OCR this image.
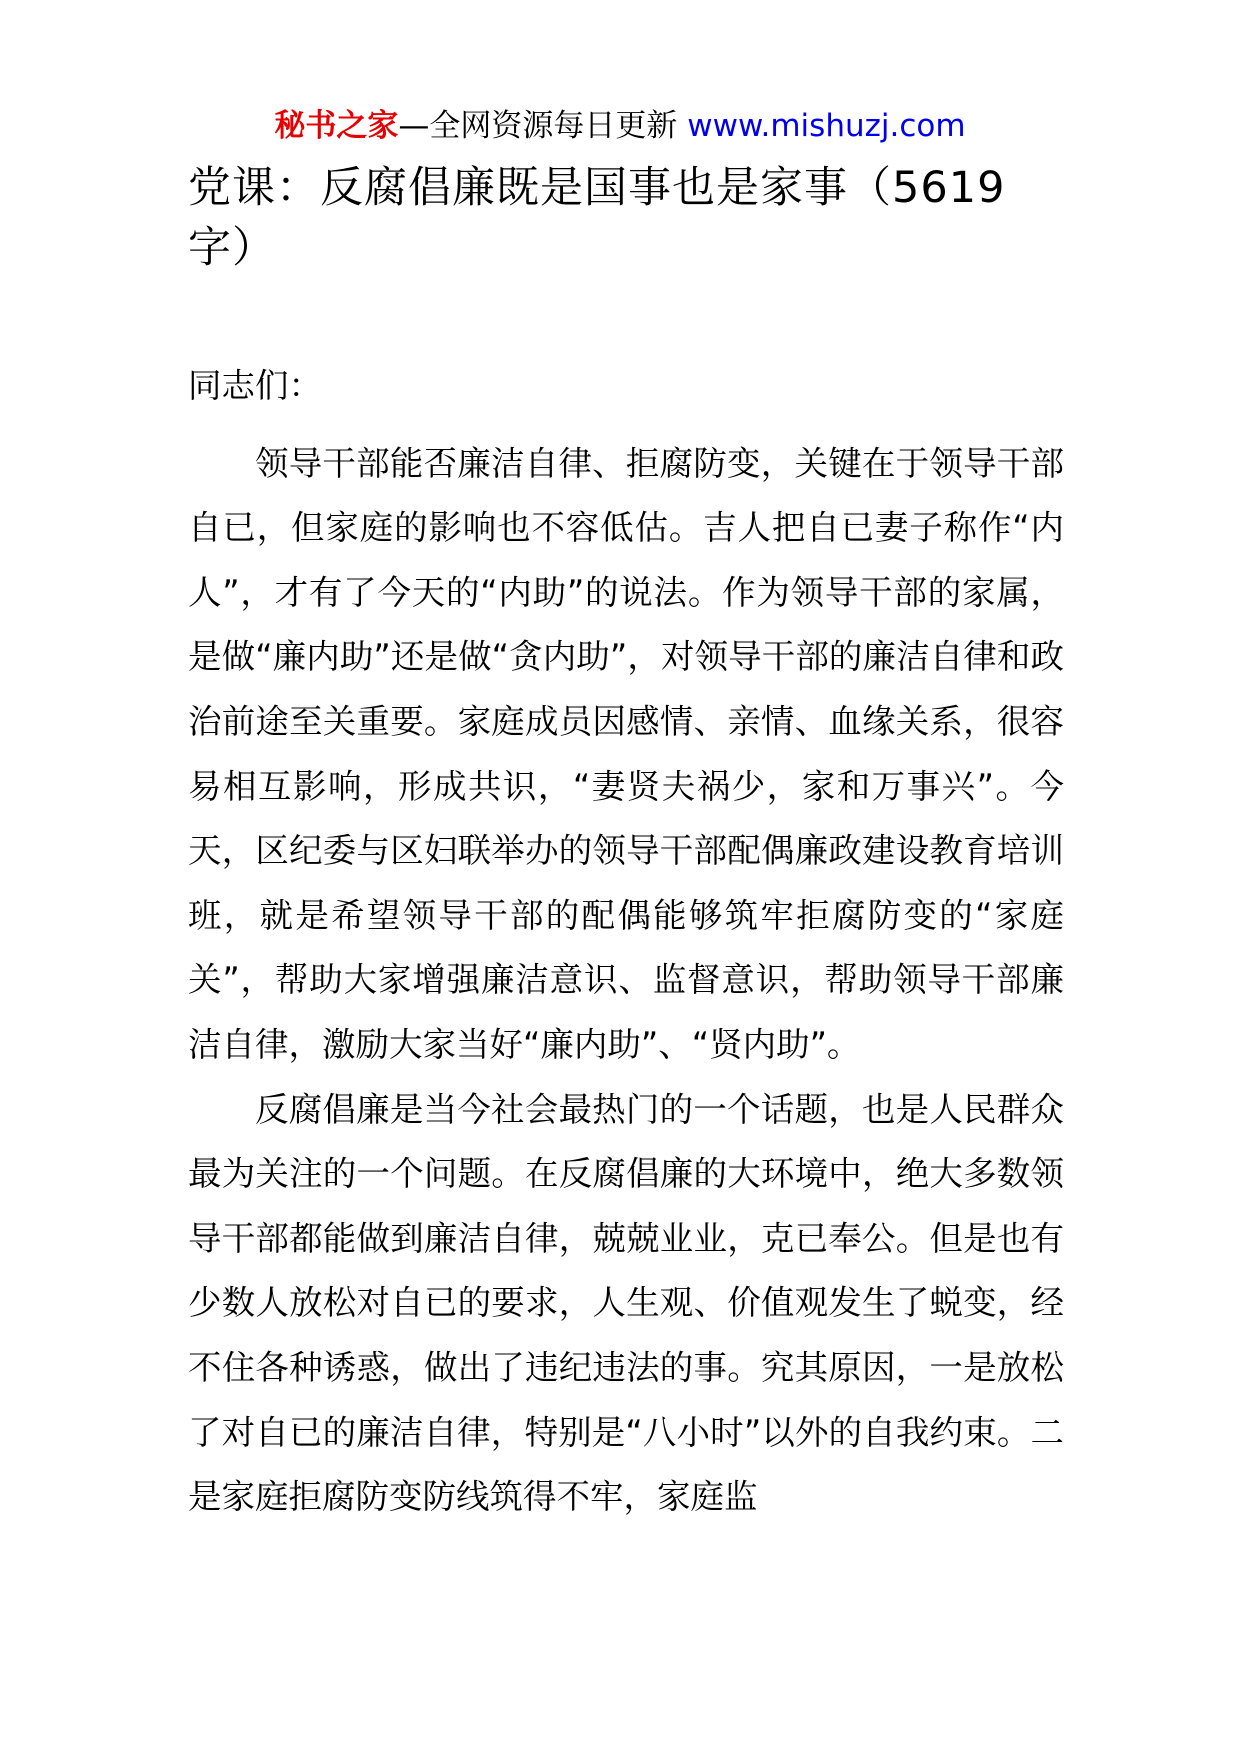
秘书之家—全网资源每日更新 www.mishuzj.com
党课：反腐倡廉既是国事也是家事（5619字）

同志们：

领导干部能否廉洁自律、拒腐防变，关键在于领导干部自已，但家庭的影响也不容低估。吉人把自已妻子称作“内人”，才有了今天的“内助”的说法。作为领导干部的家属，是做“廉内助”还是做“贪内助”，对领导干部的廉洁自律和政治前途至关重要。家庭成员因感情、亲情、血缘关系，很容易相互影响，形成共识，“妻贤夫祸少，家和万事兴”。今天，区纪委与区妇联举办的领导干部配偶廉政建设教育培训班，就是希望领导干部的配偶能够筑牢拒腐防变的“家庭关”，帮助大家增强廉洁意识、监督意识，帮助领导干部廉洁自律，激励大家当好“廉内助”、“贤内助”。

反腐倡廉是当今社会最热门的一个话题，也是人民群众最为关注的一个问题。在反腐倡廉的大环境中，绝大多数领导干部都能做到廉洁自律，兢兢业业，克已奉公。但是也有少数人放松对自已的要求，人生观、价值观发生了蜕变，经不住各种诱惑，做出了违纪违法的事。究其原因，一是放松了对自已的廉洁自律，特别是“八小时”以外的自我约束。二是家庭拒腐防变防线筑得不牢，家庭监
